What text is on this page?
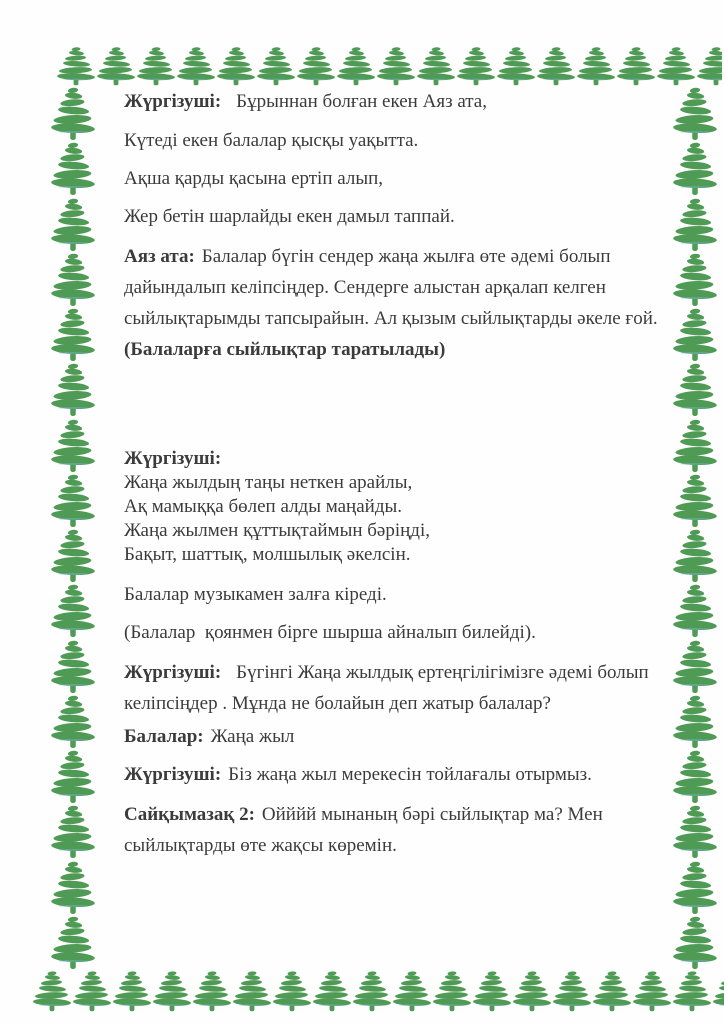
Жүргізуші: Бұрыннан болған екен Аяз ата,

Күтеді екен балалар қысқы уақытта.

Ақша қарды қасына ертіп алып,

Жер бетін шарлайды екен дамыл таппай.

Аяз ата: Балалар бүгін сендер жаңа жылға өте әдемі болып дайындалып келіпсіңдер. Сендерге алыстан арқалап келген сыйлықтарымды тапсырайын. Ал қызым сыйлықтарды әкеле ғой.

(Балаларға сыйлықтар таратылады)

Жүргізуші:

Жаңа жылдың таңы неткен арайлы,

Ақ мамыққа бөлеп алды маңайды.

Жаңа жылмен құттықтаймын бәріңді,

Бақыт, шаттық, молшылық әкелсін.

Балалар музыкамен залға кіреді.

(Балалар  қоянмен бірге шырша айналып билейді).

Жүргізуші: Бүгінгі Жаңа жылдық ертеңгілігімізге әдемі болып келіпсіңдер . Мұнда не болайын деп жатыр балалар?

Балалар: Жаңа жыл

Жүргізуші: Біз жаңа жыл мерекесін тойлағалы отырмыз.

Сайқымазақ 2: Ойййй мынаның бәрі сыйлықтар ма? Мен сыйлықтарды өте жақсы көремін.
